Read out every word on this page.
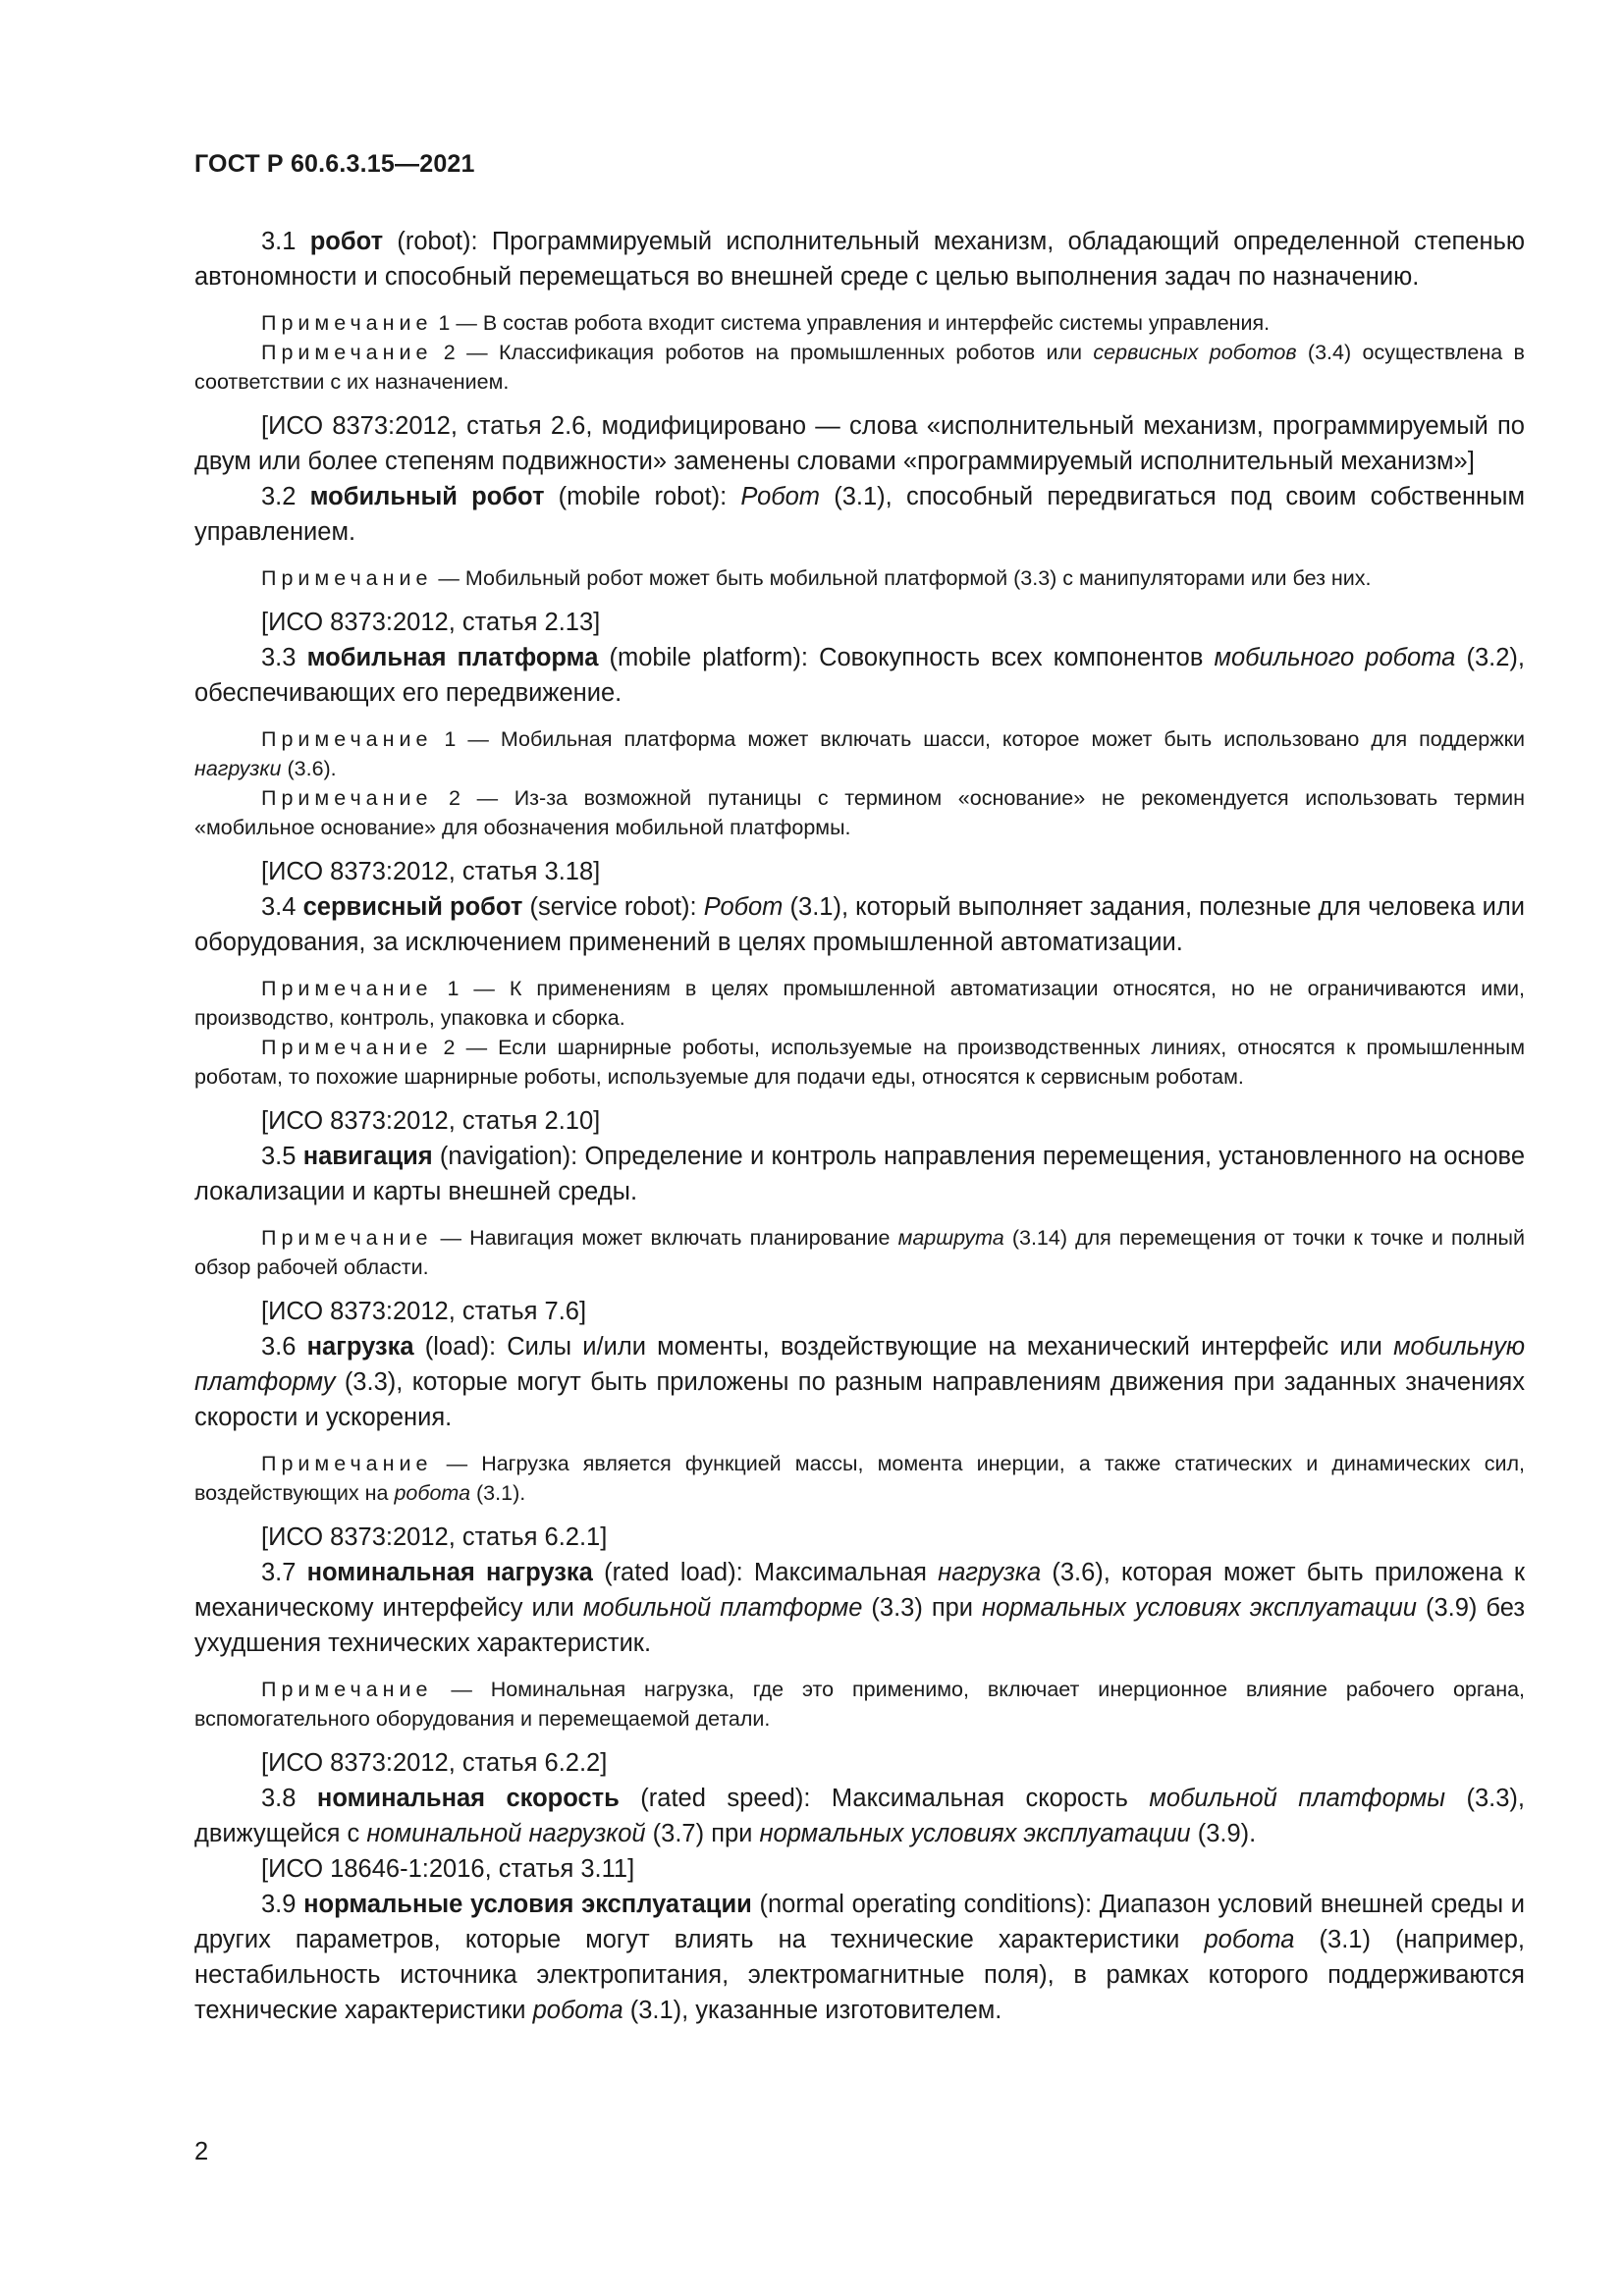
ГОСТ Р 60.6.3.15—2021

3.1 робот (robot): Программируемый исполнительный механизм, обладающий определенной степенью автономности и способный перемещаться во внешней среде с целью выполнения задач по назначению.

Примечание 1 — В состав робота входит система управления и интерфейс системы управления.

Примечание 2 — Классификация роботов на промышленных роботов или сервисных роботов (3.4) осуществлена в соответствии с их назначением.

[ИСО 8373:2012, статья 2.6, модифицировано — слова «исполнительный механизм, программируемый по двум или более степеням подвижности» заменены словами «программируемый исполнительный механизм»]

3.2 мобильный робот (mobile robot): Робот (3.1), способный передвигаться под своим собственным управлением.

Примечание — Мобильный робот может быть мобильной платформой (3.3) с манипуляторами или без них.

[ИСО 8373:2012, статья 2.13]

3.3 мобильная платформа (mobile platform): Совокупность всех компонентов мобильного робота (3.2), обеспечивающих его передвижение.

Примечание 1 — Мобильная платформа может включать шасси, которое может быть использовано для поддержки нагрузки (3.6).

Примечание 2 — Из-за возможной путаницы с термином «основание» не рекомендуется использовать термин «мобильное основание» для обозначения мобильной платформы.

[ИСО 8373:2012, статья 3.18]

3.4 сервисный робот (service robot): Робот (3.1), который выполняет задания, полезные для человека или оборудования, за исключением применений в целях промышленной автоматизации.

Примечание 1 — К применениям в целях промышленной автоматизации относятся, но не ограничиваются ими, производство, контроль, упаковка и сборка.

Примечание 2 — Если шарнирные роботы, используемые на производственных линиях, относятся к промышленным роботам, то похожие шарнирные роботы, используемые для подачи еды, относятся к сервисным роботам.

[ИСО 8373:2012, статья 2.10]

3.5 навигация (navigation): Определение и контроль направления перемещения, установленного на основе локализации и карты внешней среды.

Примечание — Навигация может включать планирование маршрута (3.14) для перемещения от точки к точке и полный обзор рабочей области.

[ИСО 8373:2012, статья 7.6]

3.6 нагрузка (load): Силы и/или моменты, воздействующие на механический интерфейс или мобильную платформу (3.3), которые могут быть приложены по разным направлениям движения при заданных значениях скорости и ускорения.

Примечание — Нагрузка является функцией массы, момента инерции, а также статических и динамических сил, воздействующих на робота (3.1).

[ИСО 8373:2012, статья 6.2.1]

3.7 номинальная нагрузка (rated load): Максимальная нагрузка (3.6), которая может быть приложена к механическому интерфейсу или мобильной платформе (3.3) при нормальных условиях эксплуатации (3.9) без ухудшения технических характеристик.

Примечание — Номинальная нагрузка, где это применимо, включает инерционное влияние рабочего органа, вспомогательного оборудования и перемещаемой детали.

[ИСО 8373:2012, статья 6.2.2]

3.8 номинальная скорость (rated speed): Максимальная скорость мобильной платформы (3.3), движущейся с номинальной нагрузкой (3.7) при нормальных условиях эксплуатации (3.9).

[ИСО 18646-1:2016, статья 3.11]

3.9 нормальные условия эксплуатации (normal operating conditions): Диапазон условий внешней среды и других параметров, которые могут влиять на технические характеристики робота (3.1) (например, нестабильность источника электропитания, электромагнитные поля), в рамках которого поддерживаются технические характеристики робота (3.1), указанные изготовителем.

2
